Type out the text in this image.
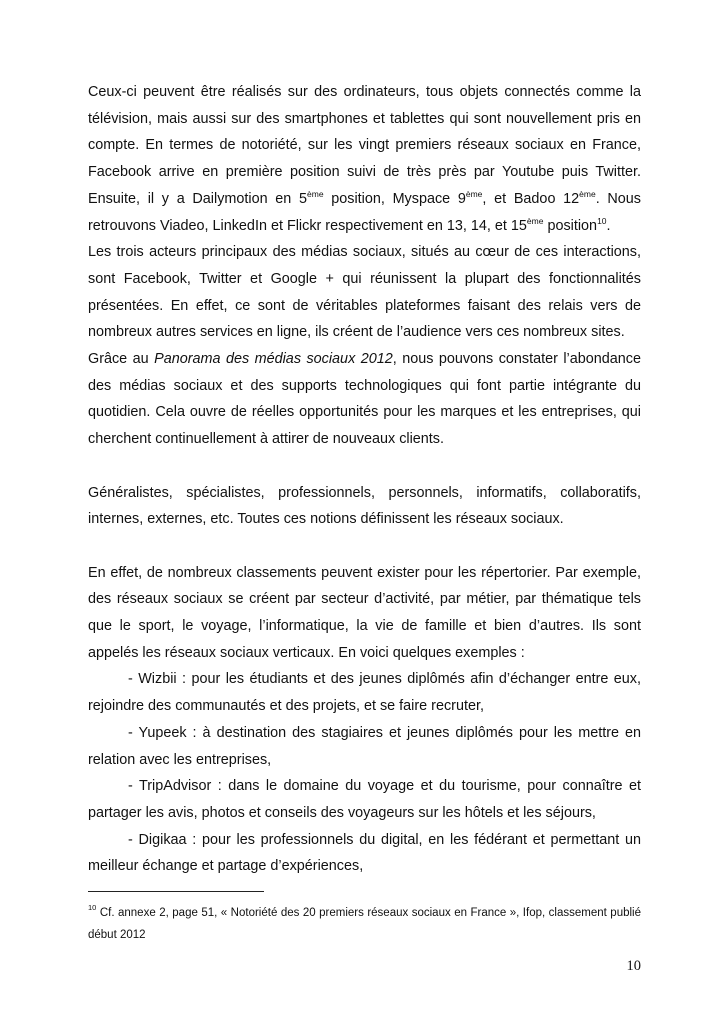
Ceux-ci peuvent être réalisés sur des ordinateurs, tous objets connectés comme la télévision, mais aussi sur des smartphones et tablettes qui sont nouvellement pris en compte. En termes de notoriété, sur les vingt premiers réseaux sociaux en France, Facebook arrive en première position suivi de très près par Youtube puis Twitter. Ensuite, il y a Dailymotion en 5ème position, Myspace 9ème, et Badoo 12ème. Nous retrouvons Viadeo, LinkedIn et Flickr respectivement en 13, 14, et 15ème position$^{10}$.

Les trois acteurs principaux des médias sociaux, situés au cœur de ces interactions, sont Facebook, Twitter et Google + qui réunissent la plupart des fonctionnalités présentées. En effet, ce sont de véritables plateformes faisant des relais vers de nombreux autres services en ligne, ils créent de l’audience vers ces nombreux sites.

Grâce au Panorama des médias sociaux 2012, nous pouvons constater l’abondance des médias sociaux et des supports technologiques qui font partie intégrante du quotidien. Cela ouvre de réelles opportunités pour les marques et les entreprises, qui cherchent continuellement à attirer de nouveaux clients.

Généralistes, spécialistes, professionnels, personnels, informatifs, collaboratifs, internes, externes, etc. Toutes ces notions définissent les réseaux sociaux.

En effet, de nombreux classements peuvent exister pour les répertorier. Par exemple, des réseaux sociaux se créent par secteur d’activité, par métier, par thématique tels que le sport, le voyage, l’informatique, la vie de famille et bien d’autres. Ils sont appelés les réseaux sociaux verticaux. En voici quelques exemples :

- Wizbii : pour les étudiants et des jeunes diplômés afin d’échanger entre eux, rejoindre des communautés et des projets, et se faire recruter,

- Yupeek : à destination des stagiaires et jeunes diplômés pour les mettre en relation avec les entreprises,

- TripAdvisor : dans le domaine du voyage et du tourisme, pour connaître et partager les avis, photos et conseils des voyageurs sur les hôtels et les séjours,

- Digikaa : pour les professionnels du digital, en les fédérant et permettant un meilleur échange et partage d’expériences,

$^{10}$ Cf. annexe 2, page 51, « Notoriété des 20 premiers réseaux sociaux en France », Ifop, classement publié début 2012

10
